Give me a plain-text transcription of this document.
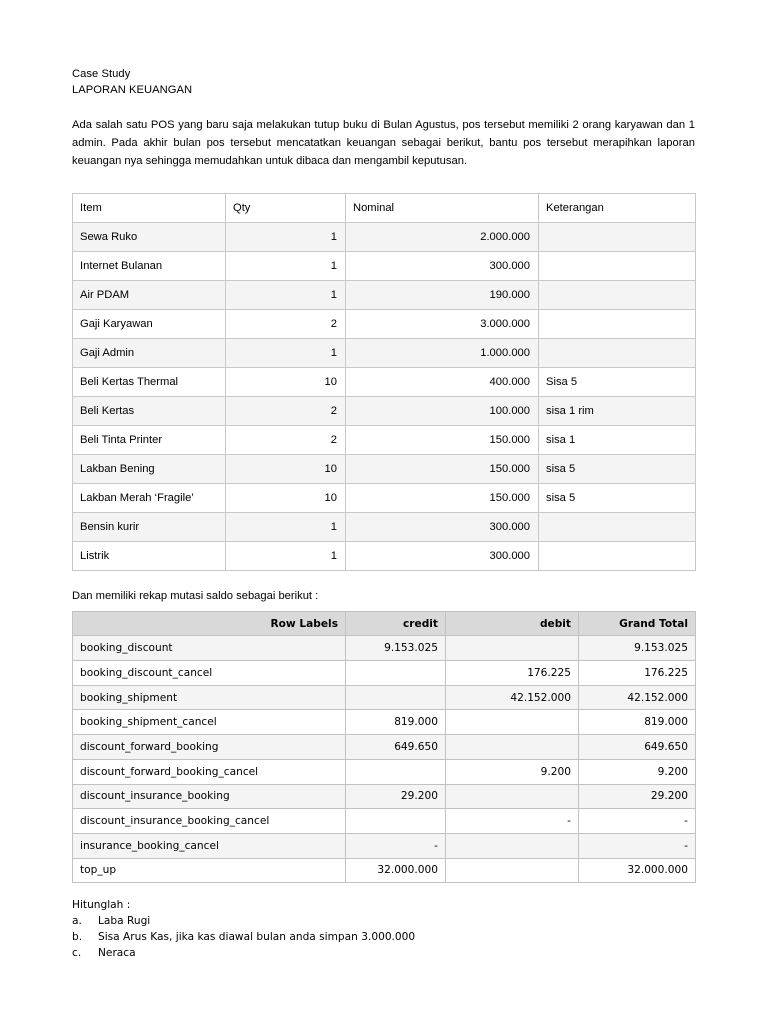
Case Study
LAPORAN KEUANGAN

Ada salah satu POS yang baru saja melakukan tutup buku di Bulan Agustus, pos tersebut memiliki 2 orang karyawan dan 1 admin. Pada akhir bulan pos tersebut mencatatkan keuangan sebagai berikut, bantu pos tersebut merapihkan laporan keuangan nya sehingga memudahkan untuk dibaca dan mengambil keputusan.

Item	Qty	Nominal	Keterangan
Sewa Ruko	1	2.000.000	
Internet Bulanan	1	300.000	
Air PDAM	1	190.000	
Gaji Karyawan	2	3.000.000	
Gaji Admin	1	1.000.000	
Beli Kertas Thermal	10	400.000	Sisa 5
Beli Kertas	2	100.000	sisa 1 rim
Beli Tinta Printer	2	150.000	sisa 1
Lakban Bening	10	150.000	sisa 5
Lakban Merah ‘Fragile’	10	150.000	sisa 5
Bensin kurir	1	300.000	
Listrik	1	300.000	
Dan memiliki rekap mutasi saldo sebagai berikut :
Row Labels	credit	debit	Grand Total
booking_discount	9.153.025		9.153.025
booking_discount_cancel		176.225	176.225
booking_shipment		42.152.000	42.152.000
booking_shipment_cancel	819.000		819.000
discount_forward_booking	649.650		649.650
discount_forward_booking_cancel		9.200	9.200
discount_insurance_booking	29.200		29.200
discount_insurance_booking_cancel		-	-
insurance_booking_cancel	-		-
top_up	32.000.000		32.000.000
Hitunglah :
a.	Laba Rugi
b.	Sisa Arus Kas, jika kas diawal bulan anda simpan 3.000.000
c.	Neraca
